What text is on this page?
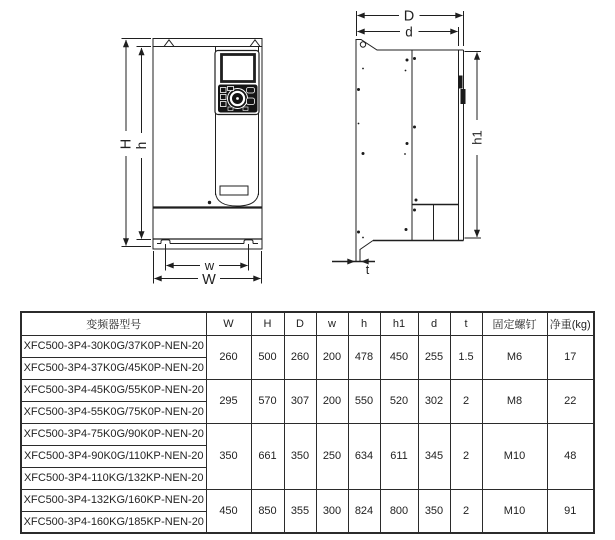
H h
w
W
D
d
h1
t
变频器型号	W	H	D	w	h	h1	d	t	固定螺钉	净重(kg)
XFC500-3P4-30K0G/37K0P-NEN-20	260	500	260	200	478	450	255	1.5	M6	17
XFC500-3P4-37K0G/45K0P-NEN-20										
XFC500-3P4-45K0G/55K0P-NEN-20	295	570	307	200	550	520	302	2	M8	22
XFC500-3P4-55K0G/75K0P-NEN-20										
XFC500-3P4-75K0G/90K0P-NEN-20	350	661	350	250	634	611	345	2	M10	48
XFC500-3P4-90K0G/110KP-NEN-20										
XFC500-3P4-110KG/132KP-NEN-20										
XFC500-3P4-132KG/160KP-NEN-20	450	850	355	300	824	800	350	2	M10	91
XFC500-3P4-160KG/185KP-NEN-20										
